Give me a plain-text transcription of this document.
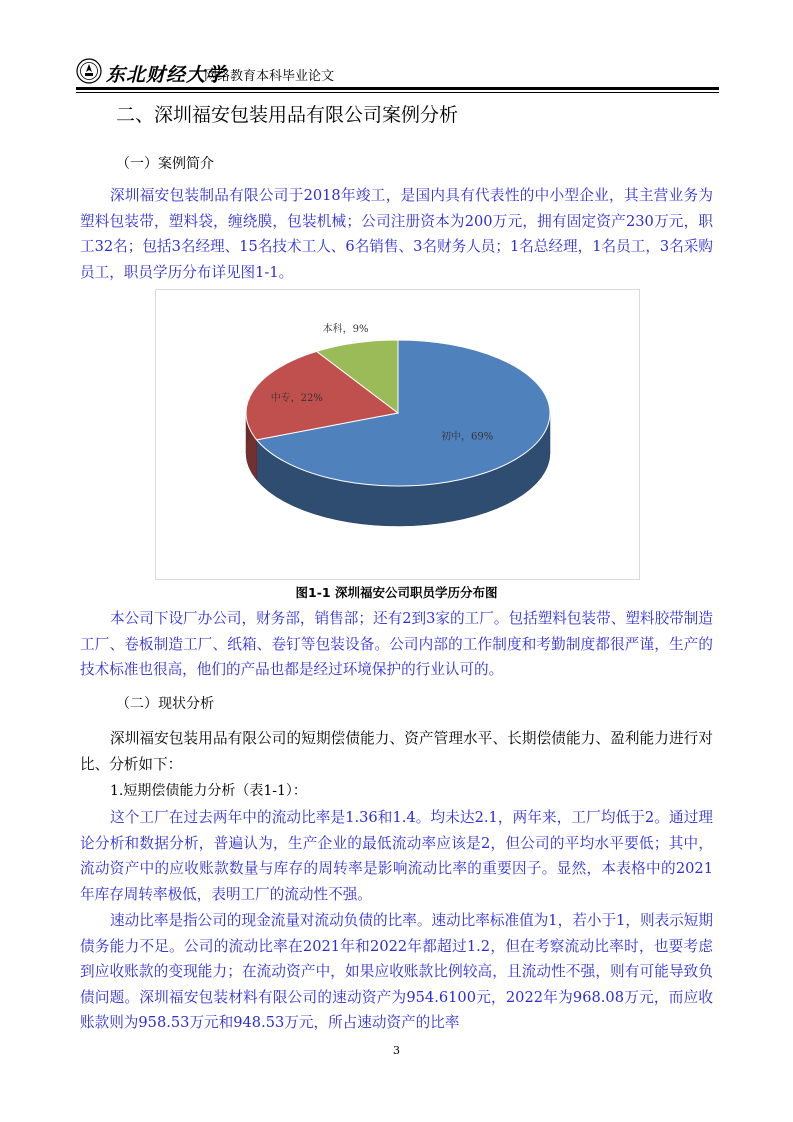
东北财经大学
网络教育本科毕业论文
二、深圳福安包装用品有限公司案例分析
（一）案例简介

深圳福安包装制品有限公司于2018年竣工，是国内具有代表性的中小型企业，其主营业务为塑料包装带，塑料袋，缠绕膜，包装机械；公司注册资本为200万元，拥有固定资产230万元，职工32名；包括3名经理、15名技术工人、6名销售、3名财务人员；1名总经理，1名员工，3名采购员工，职员学历分布详见图1-1。

初中，69%
中专，22%
本科，9%
图1-1 深圳福安公司职员学历分布图

本公司下设厂办公司，财务部，销售部；还有2到3家的工厂。包括塑料包装带、塑料胶带制造工厂、卷板制造工厂、纸箱、卷钉等包装设备。公司内部的工作制度和考勤制度都很严谨，生产的技术标准也很高，他们的产品也都是经过环境保护的行业认可的。

（二）现状分析

深圳福安包装用品有限公司的短期偿债能力、资产管理水平、长期偿债能力、盈利能力进行对比、分析如下：

1.短期偿债能力分析（表1-1）：

这个工厂在过去两年中的流动比率是1.36和1.4。均未达2.1，两年来，工厂均低于2。通过理论分析和数据分析，普遍认为，生产企业的最低流动率应该是2，但公司的平均水平要低；其中，流动资产中的应收账款数量与库存的周转率是影响流动比率的重要因子。显然，本表格中的2021年库存周转率极低，表明工厂的流动性不强。

速动比率是指公司的现金流量对流动负债的比率。速动比率标准值为1，若小于1，则表示短期债务能力不足。公司的流动比率在2021年和2022年都超过1.2，但在考察流动比率时，也要考虑到应收账款的变现能力；在流动资产中，如果应收账款比例较高，且流动性不强，则有可能导致负债问题。深圳福安包装材料有限公司的速动资产为954.6100元，2022年为968.08万元，而应收账款则为958.53万元和948.53万元，所占速动资产的比率

3
